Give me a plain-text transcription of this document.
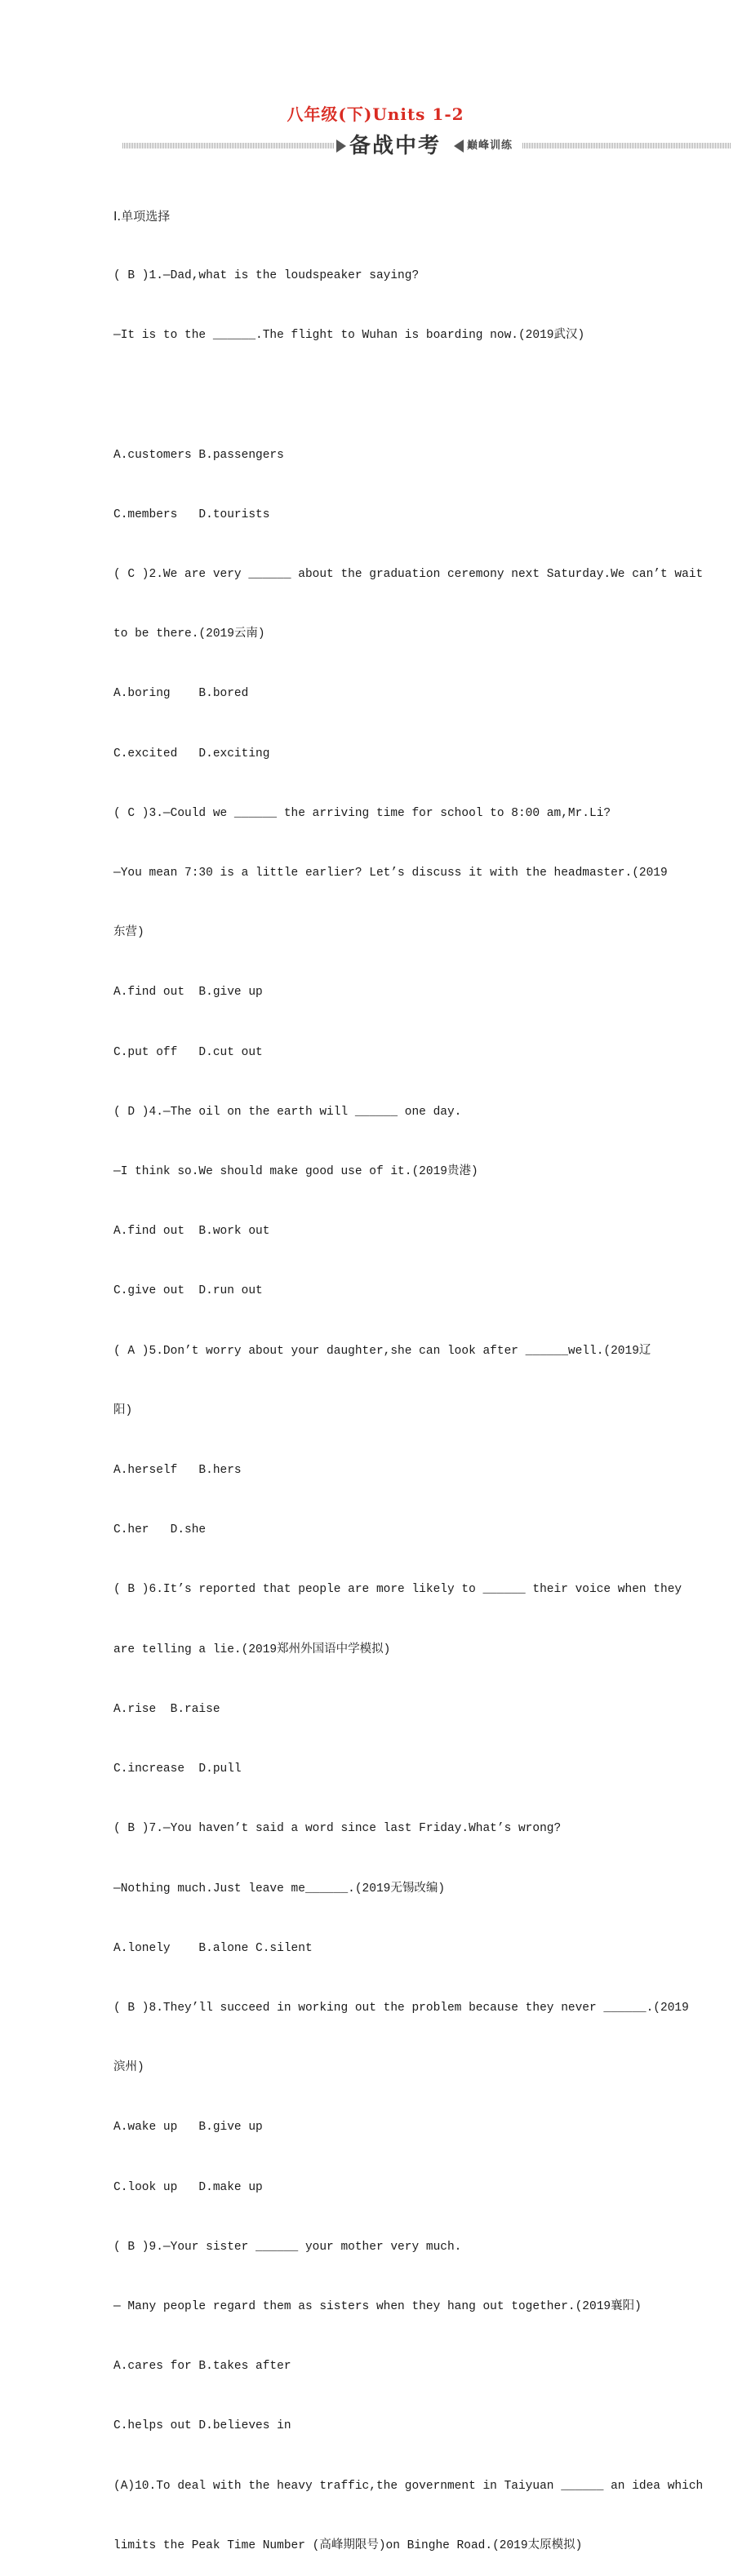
八年级(下)Units 1-2
备战中考 巅峰训练

Ⅰ.单项选择

( B )1.—Dad,what is the loudspeaker saying?

—It is to the ______.The flight to Wuhan is boarding now.(2019武汉)

A.customers B.passengers

C.members   D.tourists

( C )2.We are very ______ about the graduation ceremony next Saturday.We can’t wait

to be there.(2019云南)

A.boring    B.bored

C.excited   D.exciting

( C )3.—Could we ______ the arriving time for school to 8:00 am,Mr.Li?

—You mean 7:30 is a little earlier? Let’s discuss it with the headmaster.(2019

东营)

A.find out  B.give up

C.put off   D.cut out

( D )4.—The oil on the earth will ______ one day.

—I think so.We should make good use of it.(2019贵港)

A.find out  B.work out

C.give out  D.run out

( A )5.Don’t worry about your daughter,she can look after ______well.(2019辽

阳)

A.herself   B.hers

C.her   D.she

( B )6.It’s reported that people are more likely to ______ their voice when they

are telling a lie.(2019郑州外国语中学模拟)

A.rise  B.raise

C.increase  D.pull

( B )7.—You haven’t said a word since last Friday.What’s wrong?

—Nothing much.Just leave me______.(2019无锡改编)

A.lonely    B.alone C.silent

( B )8.They’ll succeed in working out the problem because they never ______.(2019

滨州)

A.wake up   B.give up

C.look up   D.make up

( B )9.—Your sister ______ your mother very much.

— Many people regard them as sisters when they hang out together.(2019襄阳)

A.cares for B.takes after

C.helps out D.believes in

(A)10.To deal with the heavy traffic,the government in Taiyuan ______ an idea which

limits the Peak Time Number (高峰期限号)on Binghe Road.(2019太原模拟)
